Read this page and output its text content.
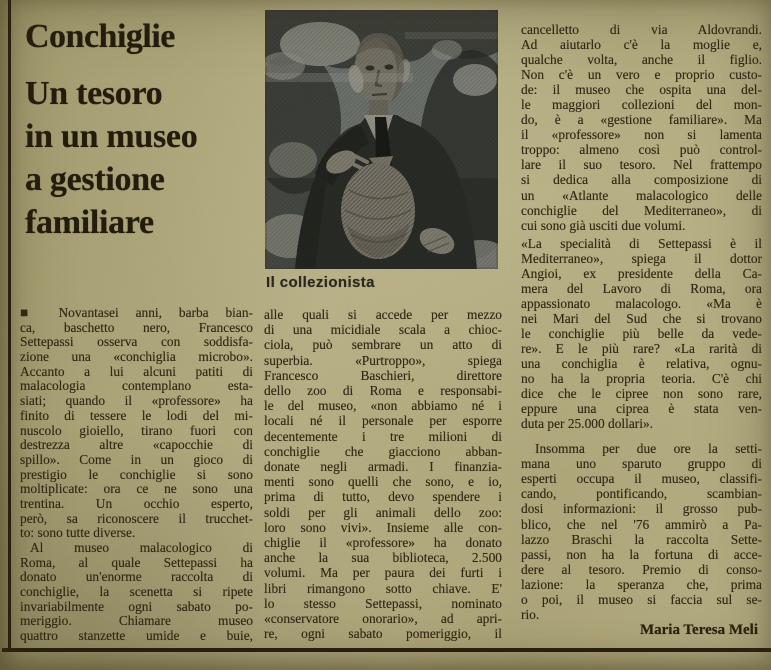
Conchiglie
Un tesoro
in un museo
a gestione
familiare
■ Novantasei anni, barba bian-
ca, baschetto nero, Francesco
Settepassi osserva con soddisfa-
zione una «conchiglia microbo».
Accanto a lui alcuni patiti di
malacologia contemplano esta-
siati; quando il «professore» ha
finito di tessere le lodi del mi-
nuscolo gioiello, tirano fuori con
destrezza altre «capocchie di
spillo». Come in un gioco di
prestigio le conchiglie si sono
moltiplicate: ora ce ne sono una
trentina. Un occhio esperto,
però, sa riconoscere il trucchet-
to: sono tutte diverse.
Al museo malacologico di
Roma, al quale Settepassi ha
donato un'enorme raccolta di
conchiglie, la scenetta si ripete
invariabilmente ogni sabato po-
meriggio. Chiamare museo
quattro stanzette umide e buie,
Il collezionista
alle quali si accede per mezzo
di una micidiale scala a chioc-
ciola, può sembrare un atto di
superbia. «Purtroppo», spiega
Francesco Baschieri, direttore
dello zoo di Roma e responsabi-
le del museo, «non abbiamo né i
locali né il personale per esporre
decentemente i tre milioni di
conchiglie che giacciono abban-
donate negli armadi. I finanzia-
menti sono quelli che sono, e io,
prima di tutto, devo spendere i
soldi per gli animali dello zoo:
loro sono vivi». Insieme alle con-
chiglie il «professore» ha donato
anche la sua biblioteca, 2.500
volumi. Ma per paura dei furti i
libri rimangono sotto chiave. E'
lo stesso Settepassi, nominato
«conservatore onorario», ad apri-
re, ogni sabato pomeriggio, il
cancelletto di via Aldovrandi.
Ad aiutarlo c'è la moglie e,
qualche volta, anche il figlio.
Non c'è un vero e proprio custo-
de: il museo che ospita una del-
le maggiori collezioni del mon-
do, è a «gestione familiare». Ma
il «professore» non si lamenta
troppo: almeno così può control-
lare il suo tesoro. Nel frattempo
si dedica alla composizione di
un «Atlante malacologico delle
conchiglie del Mediterraneo», di
cui sono già usciti due volumi.
«La specialità di Settepassi è il
Mediterraneo», spiega il dottor
Angioi, ex presidente della Ca-
mera del Lavoro di Roma, ora
appassionato malacologo. «Ma è
nei Mari del Sud che si trovano
le conchiglie più belle da vede-
re». E le più rare? «La rarità di
una conchiglia è relativa, ognu-
no ha la propria teoria. C'è chi
dice che le cipree non sono rare,
eppure una ciprea è stata ven-
duta per 25.000 dollari».
Insomma per due ore la setti-
mana uno sparuto gruppo di
esperti occupa il museo, classifi-
cando, pontificando, scambian-
dosi informazioni: il grosso pub-
blico, che nel '76 ammirò a Pa-
lazzo Braschi la raccolta Sette-
passi, non ha la fortuna di acce-
dere al tesoro. Premio di conso-
lazione: la speranza che, prima
o poi, il museo si faccia sul se-
rio.
Maria Teresa Meli
